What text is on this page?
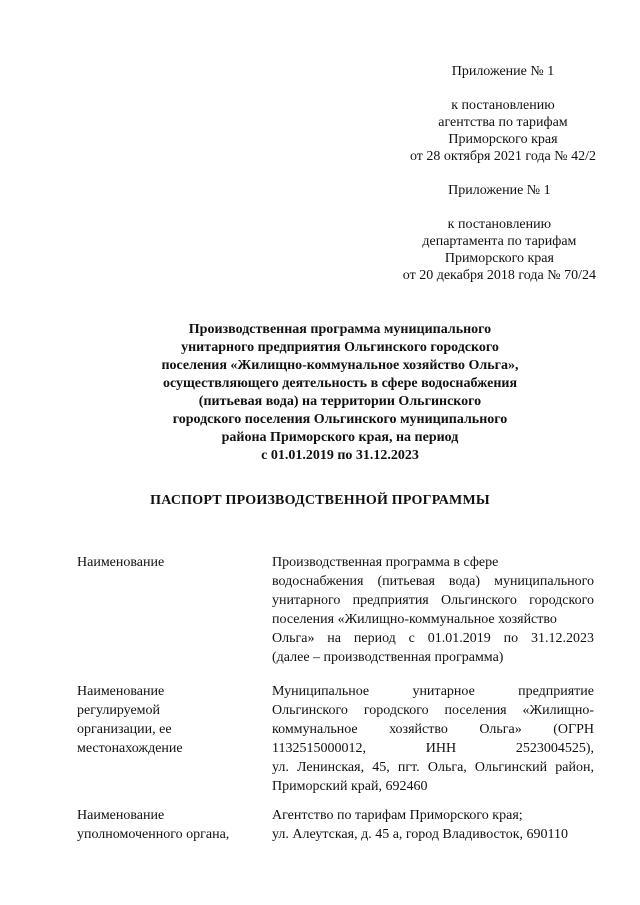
Приложение № 1
к постановлению
агентства по тарифам
Приморского края
от 28 октября 2021 года № 42/2
Приложение № 1
к постановлению
департамента по тарифам
Приморского края
от 20 декабря 2018 года № 70/24
Производственная программа муниципального
унитарного предприятия Ольгинского городского
поселения «Жилищно-коммунальное хозяйство Ольга»,
осуществляющего деятельность в сфере водоснабжения
(питьевая вода) на территории Ольгинского
городского поселения Ольгинского муниципального
района Приморского края, на период
с 01.01.2019 по 31.12.2023
ПАСПОРТ ПРОИЗВОДСТВЕННОЙ ПРОГРАММЫ
Наименование	Производственная программа в сфере
водоснабжения (питьевая вода) муниципального
унитарного предприятия Ольгинского городского
поселения «Жилищно-коммунальное хозяйство
Ольга» на период с 01.01.2019 по 31.12.2023
(далее – производственная программа)
Наименование
регулируемой
организации, ее
местонахождение
Муниципальное унитарное предприятие
Ольгинского городского поселения «Жилищно-
коммунальное хозяйство Ольга» (ОГРН
1132515000012, ИНН 2523004525),
ул. Ленинская, 45, пгт. Ольга, Ольгинский район,
Приморский край, 692460
Наименование
уполномоченного органа,
Агентство по тарифам Приморского края;
ул. Алеутская, д. 45 а, город Владивосток, 690110
